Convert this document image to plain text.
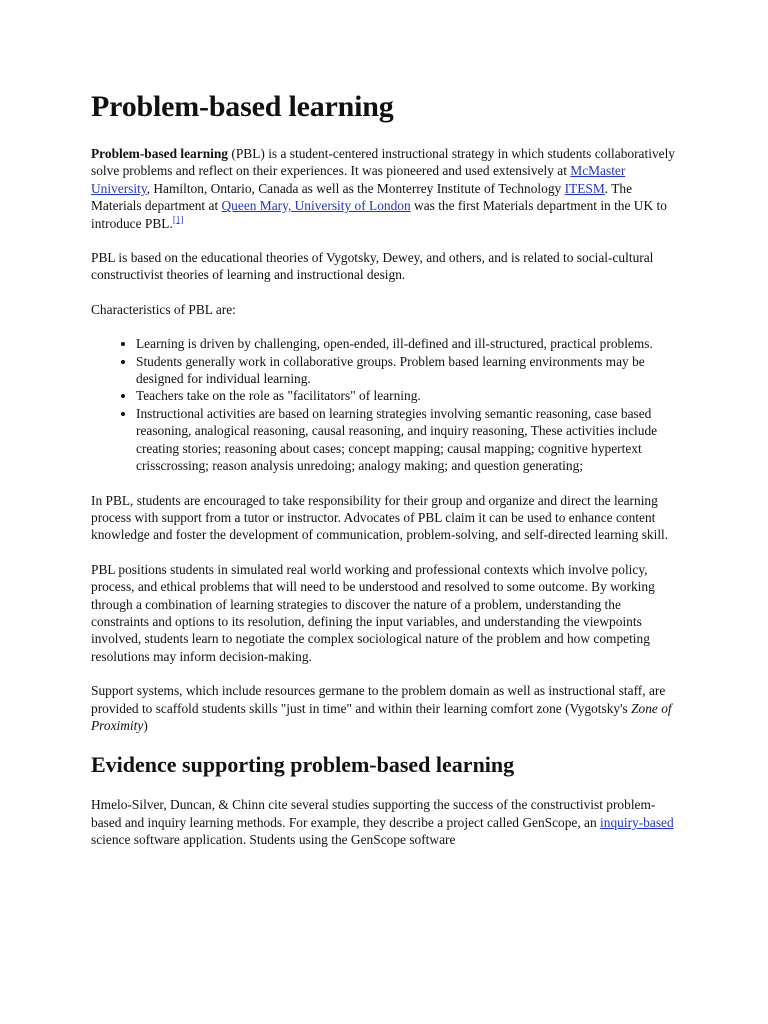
Problem-based learning

Problem-based learning (PBL) is a student-centered instructional strategy in which students collaboratively solve problems and reflect on their experiences. It was pioneered and used extensively at McMaster University, Hamilton, Ontario, Canada as well as the Monterrey Institute of Technology ITESM. The Materials department at Queen Mary, University of London was the first Materials department in the UK to introduce PBL.[1]

PBL is based on the educational theories of Vygotsky, Dewey, and others, and is related to social-cultural constructivist theories of learning and instructional design.

Characteristics of PBL are:

• Learning is driven by challenging, open-ended, ill-defined and ill-structured, practical problems.
• Students generally work in collaborative groups. Problem based learning environments may be designed for individual learning.
• Teachers take on the role as "facilitators" of learning.
• Instructional activities are based on learning strategies involving semantic reasoning, case based reasoning, analogical reasoning, causal reasoning, and inquiry reasoning, These activities include creating stories; reasoning about cases; concept mapping; causal mapping; cognitive hypertext crisscrossing; reason analysis unredoing; analogy making; and question generating;

In PBL, students are encouraged to take responsibility for their group and organize and direct the learning process with support from a tutor or instructor. Advocates of PBL claim it can be used to enhance content knowledge and foster the development of communication, problem-solving, and self-directed learning skill.

PBL positions students in simulated real world working and professional contexts which involve policy, process, and ethical problems that will need to be understood and resolved to some outcome. By working through a combination of learning strategies to discover the nature of a problem, understanding the constraints and options to its resolution, defining the input variables, and understanding the viewpoints involved, students learn to negotiate the complex sociological nature of the problem and how competing resolutions may inform decision-making.

Support systems, which include resources germane to the problem domain as well as instructional staff, are provided to scaffold students skills "just in time" and within their learning comfort zone (Vygotsky's Zone of Proximity)

Evidence supporting problem-based learning

Hmelo-Silver, Duncan, & Chinn cite several studies supporting the success of the constructivist problem-based and inquiry learning methods. For example, they describe a project called GenScope, an inquiry-based science software application. Students using the GenScope software
